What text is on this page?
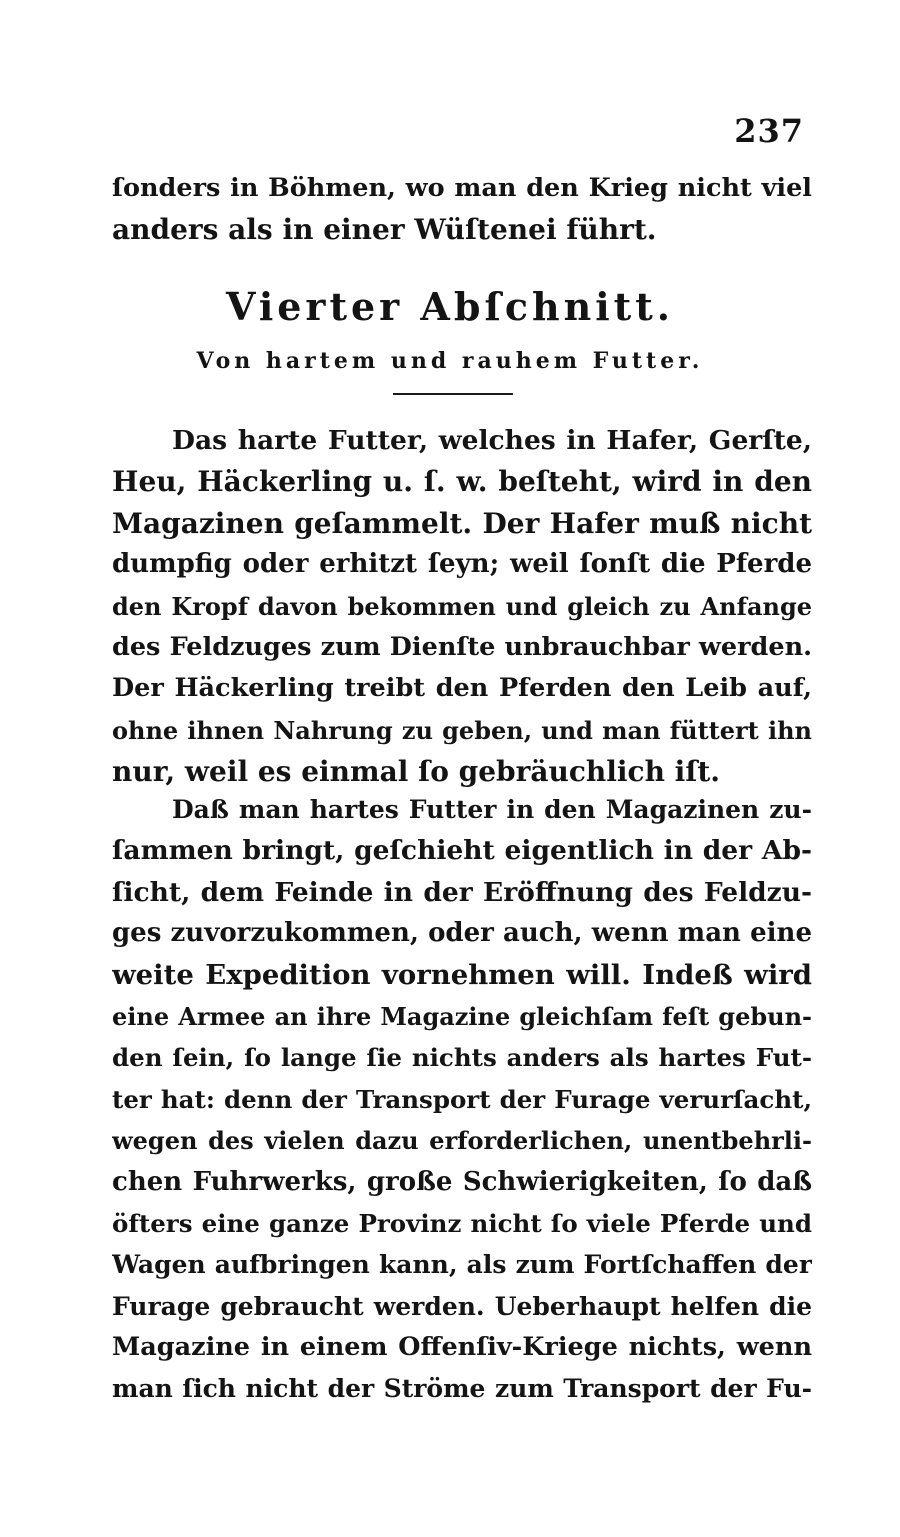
237
ſonders in Böhmen, wo man den Krieg nicht viel
anders als in einer Wüſtenei führt.
Vierter Abſchnitt.
Von hartem und rauhem Futter.
Das harte Futter, welches in Hafer, Gerſte,
Heu, Häckerling u. ſ. w. beſteht, wird in den
Magazinen geſammelt. Der Hafer muß nicht
dumpfig oder erhitzt ſeyn; weil ſonſt die Pferde
den Kropf davon bekommen und gleich zu Anfange
des Feldzuges zum Dienſte unbrauchbar werden.
Der Häckerling treibt den Pferden den Leib auf,
ohne ihnen Nahrung zu geben, und man füttert ihn
nur, weil es einmal ſo gebräuchlich iſt.
Daß man hartes Futter in den Magazinen zu-
ſammen bringt, geſchieht eigentlich in der Ab-
ſicht, dem Feinde in der Eröffnung des Feldzu-
ges zuvorzukommen, oder auch, wenn man eine
weite Expedition vornehmen will. Indeß wird
eine Armee an ihre Magazine gleichſam feſt gebun-
den ſein, ſo lange ſie nichts anders als hartes Fut-
ter hat: denn der Transport der Furage verurſacht,
wegen des vielen dazu erforderlichen, unentbehrli-
chen Fuhrwerks, große Schwierigkeiten, ſo daß
öfters eine ganze Provinz nicht ſo viele Pferde und
Wagen aufbringen kann, als zum Fortſchaffen der
Furage gebraucht werden. Ueberhaupt helfen die
Magazine in einem Offenſiv-Kriege nichts, wenn
man ſich nicht der Ströme zum Transport der Fu-
